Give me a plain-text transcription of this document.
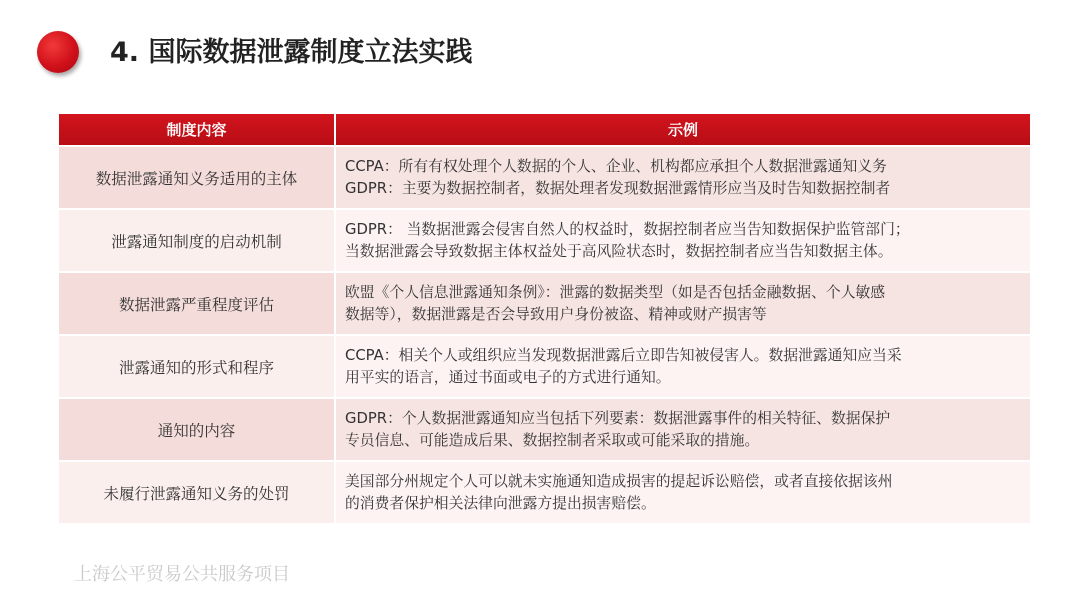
4. 国际数据泄露制度立法实践
制度内容	示例
数据泄露通知义务适用的主体	CCPA：所有有权处理个人数据的个人、企业、机构都应承担个人数据泄露通知义务
GDPR：主要为数据控制者，数据处理者发现数据泄露情形应当及时告知数据控制者

泄露通知制度的启动机制	GDPR： 当数据泄露会侵害自然人的权益时，数据控制者应当告知数据保护监管部门；
当数据泄露会导致数据主体权益处于高风险状态时，数据控制者应当告知数据主体。

数据泄露严重程度评估	欧盟《个人信息泄露通知条例》：泄露的数据类型（如是否包括金融数据、个人敏感
数据等），数据泄露是否会导致用户身份被盗、精神或财产损害等

泄露通知的形式和程序	CCPA：相关个人或组织应当发现数据泄露后立即告知被侵害人。数据泄露通知应当采
用平实的语言，通过书面或电子的方式进行通知。

通知的内容	GDPR：个人数据泄露通知应当包括下列要素：数据泄露事件的相关特征、数据保护
专员信息、可能造成后果、数据控制者采取或可能采取的措施。

未履行泄露通知义务的处罚	美国部分州规定个人可以就未实施通知造成损害的提起诉讼赔偿，或者直接依据该州
的消费者保护相关法律向泄露方提出损害赔偿。
上海公平贸易公共服务项目
